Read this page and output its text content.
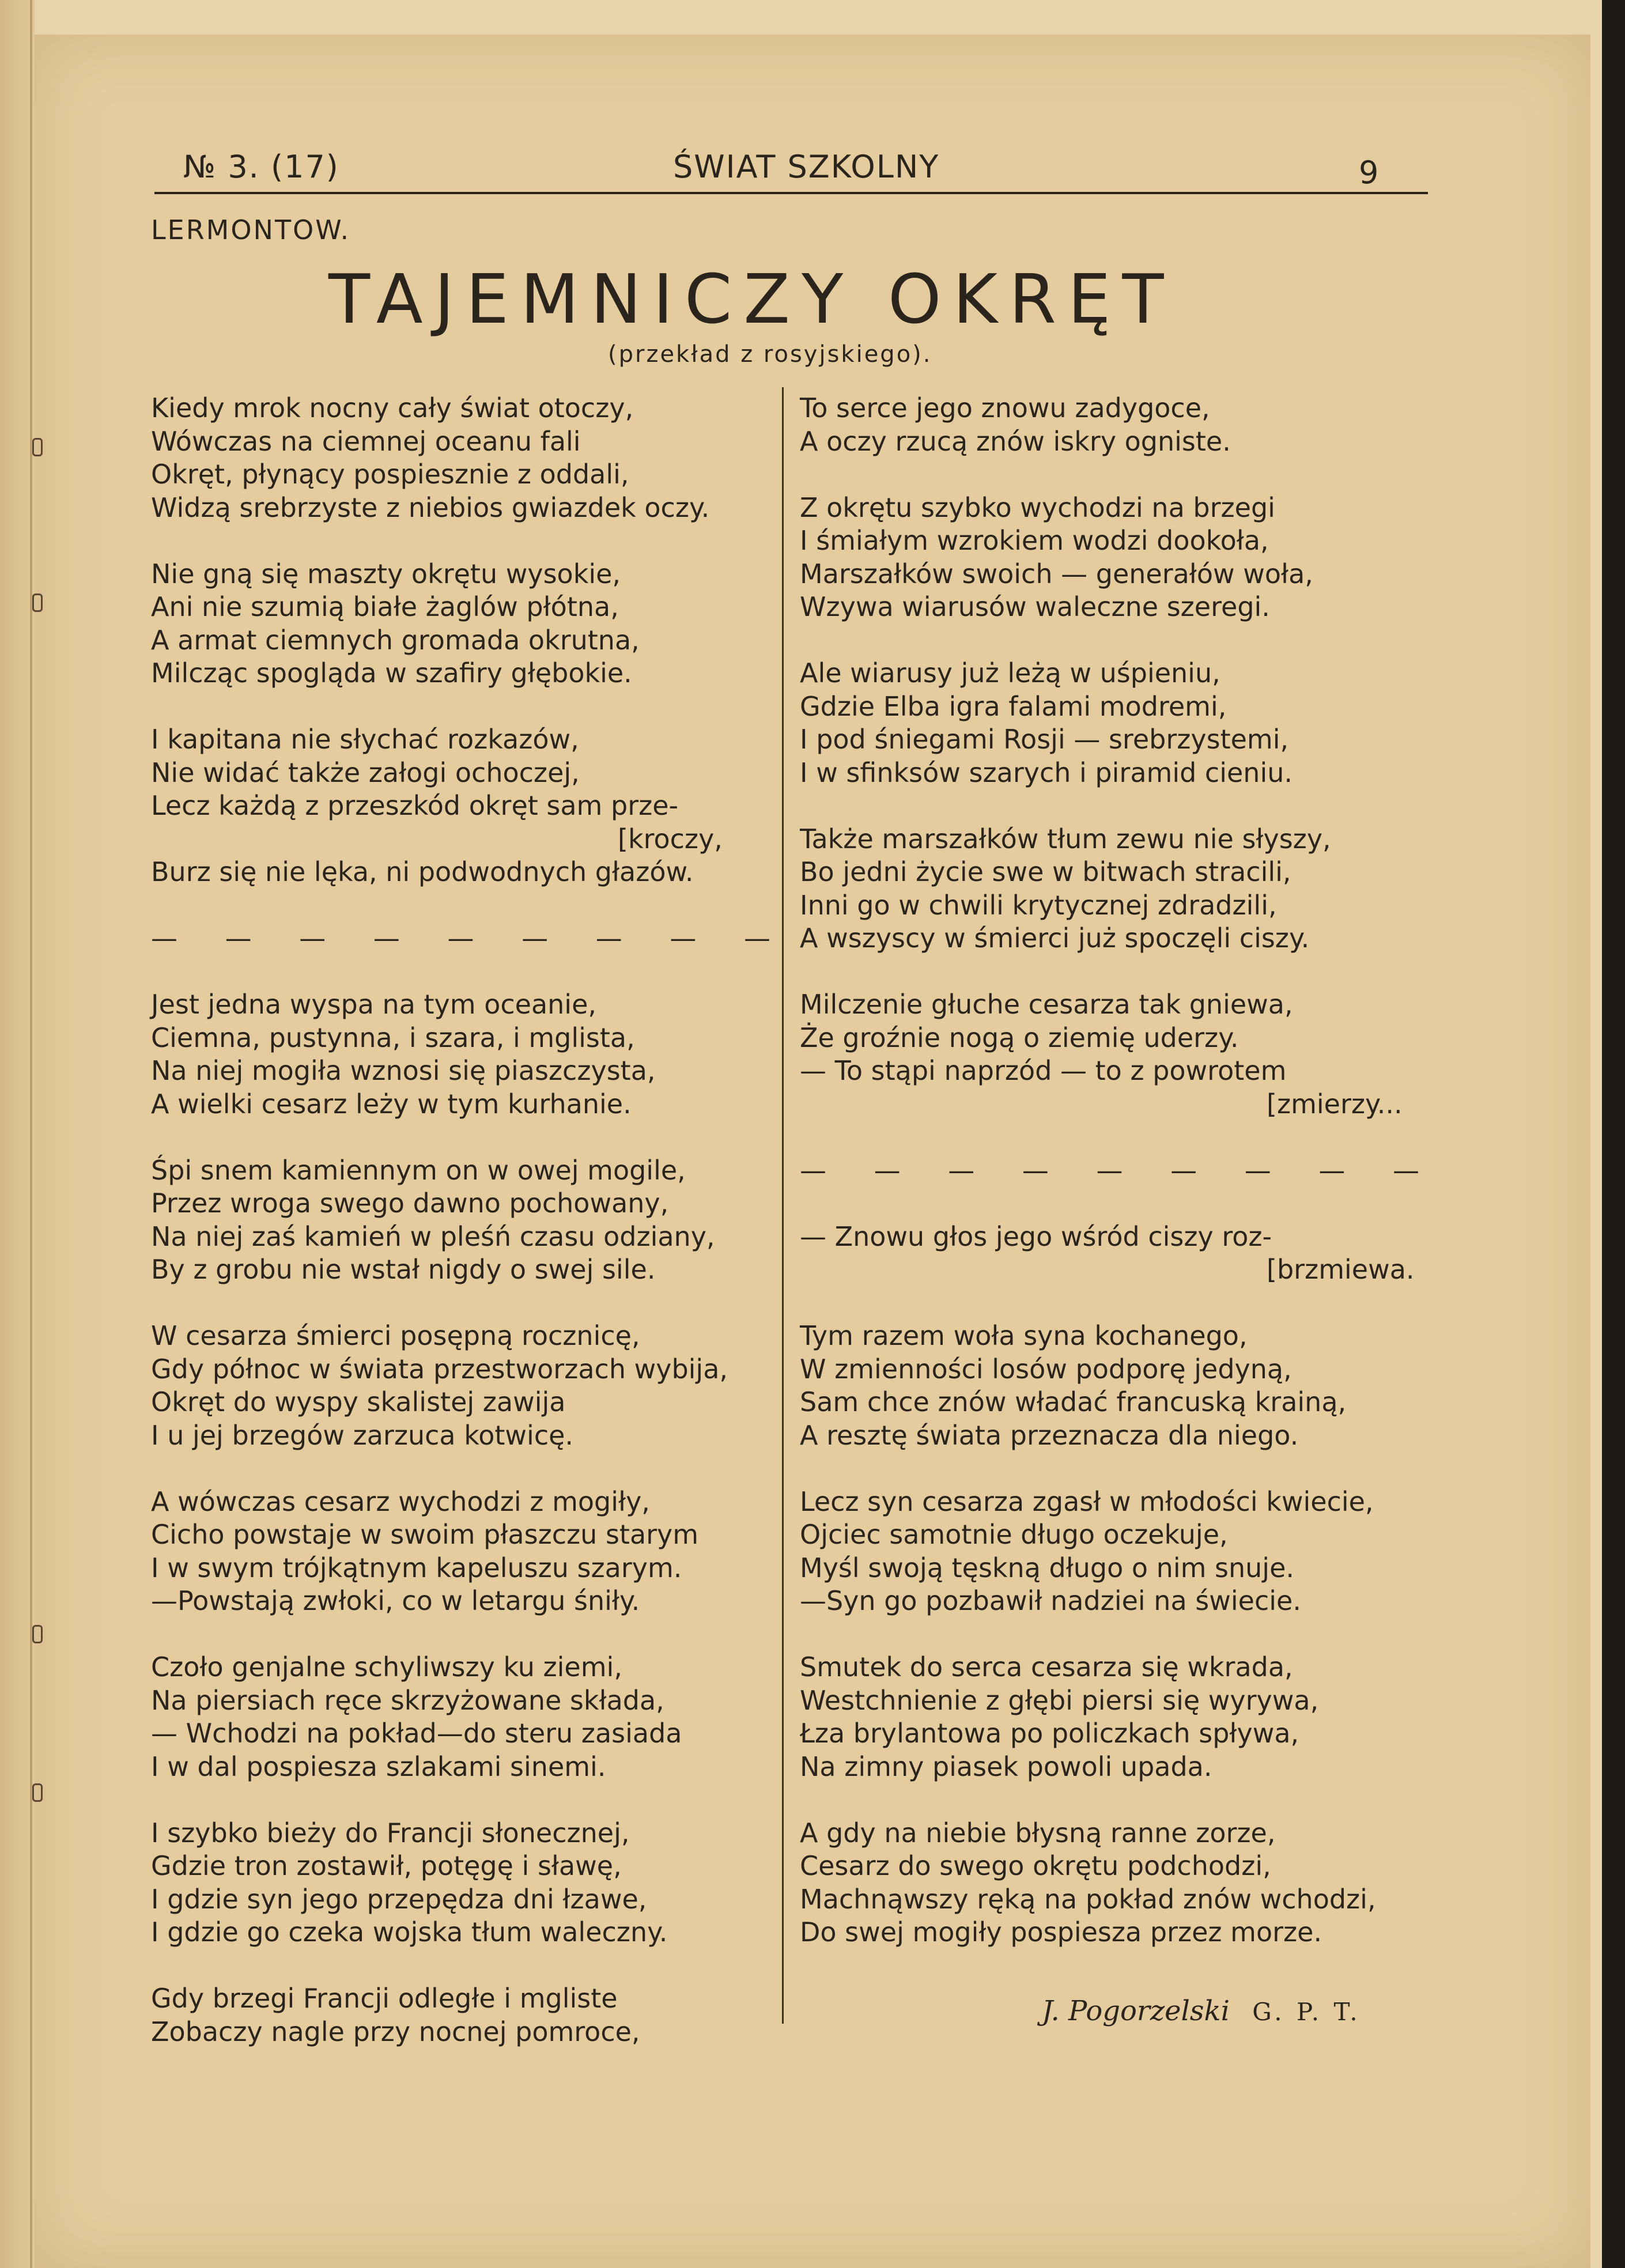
№ 3. (17)	ŚWIAT SZKOLNY	9
LERMONTOW.
TAJEMNICZY OKRĘT
(przekład z rosyjskiego).
Kiedy mrok nocny cały świat otoczy,
Wówczas na ciemnej oceanu fali
Okręt, płynący pospiesznie z oddali,
Widzą srebrzyste z niebios gwiazdek oczy.
Nie gną się maszty okrętu wysokie,
Ani nie szumią białe żaglów płótna,
A armat ciemnych gromada okrutna,
Milcząc spogląda w szafiry głębokie.
I kapitana nie słychać rozkazów,
Nie widać także załogi ochoczej,
Lecz każdą z przeszkód okręt sam prze-
[kroczy,
Burz się nie lęka, ni podwodnych głazów.
— — — — — — — — —
Jest jedna wyspa na tym oceanie,
Ciemna, pustynna, i szara, i mglista,
Na niej mogiła wznosi się piaszczysta,
A wielki cesarz leży w tym kurhanie.
Śpi snem kamiennym on w owej mogile,
Przez wroga swego dawno pochowany,
Na niej zaś kamień w pleśń czasu odziany,
By z grobu nie wstał nigdy o swej sile.
W cesarza śmierci posępną rocznicę,
Gdy północ w świata przestworzach wybija,
Okręt do wyspy skalistej zawija
I u jej brzegów zarzuca kotwicę.
A wówczas cesarz wychodzi z mogiły,
Cicho powstaje w swoim płaszczu starym
I w swym trójkątnym kapeluszu szarym.
—Powstają zwłoki, co w letargu śniły.
Czoło genjalne schyliwszy ku ziemi,
Na piersiach ręce skrzyżowane składa,
— Wchodzi na pokład—do steru zasiada
I w dal pospiesza szlakami sinemi.
I szybko bieży do Francji słonecznej,
Gdzie tron zostawił, potęgę i sławę,
I gdzie syn jego przepędza dni łzawe,
I gdzie go czeka wojska tłum waleczny.
Gdy brzegi Francji odległe i mgliste
Zobaczy nagle przy nocnej pomroce,
To serce jego znowu zadygoce,
A oczy rzucą znów iskry ogniste.
Z okrętu szybko wychodzi na brzegi
I śmiałym wzrokiem wodzi dookoła,
Marszałków swoich — generałów woła,
Wzywa wiarusów waleczne szeregi.
Ale wiarusy już leżą w uśpieniu,
Gdzie Elba igra falami modremi,
I pod śniegami Rosji — srebrzystemi,
I w sfinksów szarych i piramid cieniu.
Także marszałków tłum zewu nie słyszy,
Bo jedni życie swe w bitwach stracili,
Inni go w chwili krytycznej zdradzili,
A wszyscy w śmierci już spoczęli ciszy.
Milczenie głuche cesarza tak gniewa,
Że groźnie nogą o ziemię uderzy.
— To stąpi naprzód — to z powrotem
[zmierzy...
— — — — — — — — —
— Znowu głos jego wśród ciszy roz-
[brzmiewa.
Tym razem woła syna kochanego,
W zmienności losów podporę jedyną,
Sam chce znów władać francuską krainą,
A resztę świata przeznacza dla niego.
Lecz syn cesarza zgasł w młodości kwiecie,
Ojciec samotnie długo oczekuje,
Myśl swoją tęskną długo o nim snuje.
—Syn go pozbawił nadziei na świecie.
Smutek do serca cesarza się wkrada,
Westchnienie z głębi piersi się wyrywa,
Łza brylantowa po policzkach spływa,
Na zimny piasek powoli upada.
A gdy na niebie błysną ranne zorze,
Cesarz do swego okrętu podchodzi,
Machnąwszy ręką na pokład znów wchodzi,
Do swej mogiły pospiesza przez morze.
J. Pogorzelski G. P. T.
